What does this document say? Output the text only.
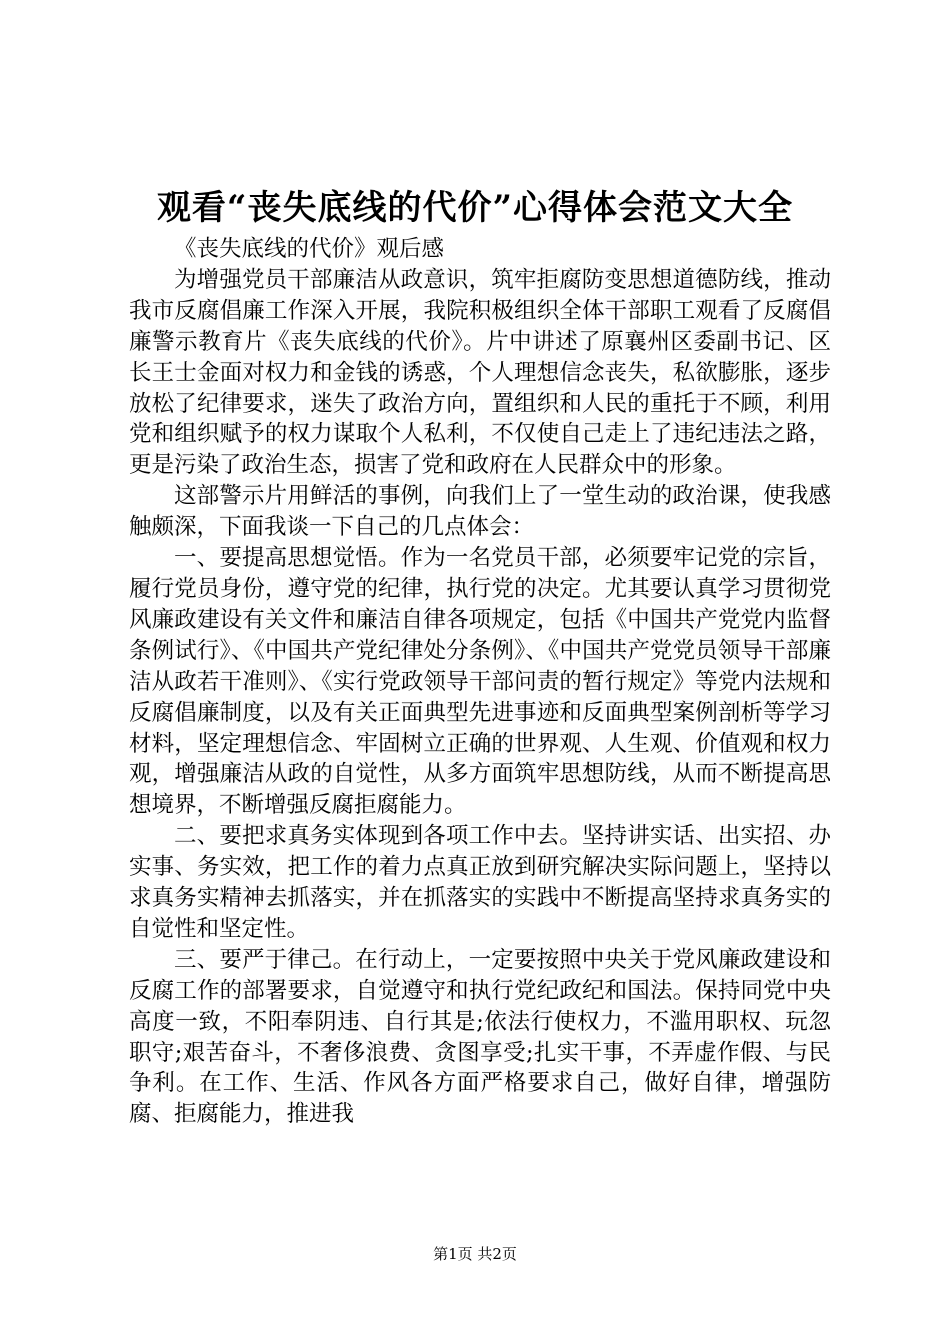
观看“丧失底线的代价”心得体会范文大全

《丧失底线的代价》观后感

为增强党员干部廉洁从政意识，筑牢拒腐防变思想道德防线，推动我市反腐倡廉工作深入开展，我院积极组织全体干部职工观看了反腐倡廉警示教育片《丧失底线的代价》。片中讲述了原襄州区委副书记、区长王士金面对权力和金钱的诱惑，个人理想信念丧失，私欲膨胀，逐步放松了纪律要求，迷失了政治方向，置组织和人民的重托于不顾，利用党和组织赋予的权力谋取个人私利，不仅使自己走上了违纪违法之路，更是污染了政治生态，损害了党和政府在人民群众中的形象。

这部警示片用鲜活的事例，向我们上了一堂生动的政治课，使我感触颇深，下面我谈一下自己的几点体会：

一、要提高思想觉悟。作为一名党员干部，必须要牢记党的宗旨，履行党员身份，遵守党的纪律，执行党的决定。尤其要认真学习贯彻党风廉政建设有关文件和廉洁自律各项规定，包括《中国共产党党内监督条例试行》、《中国共产党纪律处分条例》、《中国共产党党员领导干部廉洁从政若干准则》、《实行党政领导干部问责的暂行规定》等党内法规和反腐倡廉制度，以及有关正面典型先进事迹和反面典型案例剖析等学习材料，坚定理想信念、牢固树立正确的世界观、人生观、价值观和权力观，增强廉洁从政的自觉性，从多方面筑牢思想防线，从而不断提高思想境界，不断增强反腐拒腐能力。

二、要把求真务实体现到各项工作中去。坚持讲实话、出实招、办实事、务实效，把工作的着力点真正放到研究解决实际问题上，坚持以求真务实精神去抓落实，并在抓落实的实践中不断提高坚持求真务实的自觉性和坚定性。

三、要严于律己。在行动上，一定要按照中央关于党风廉政建设和反腐工作的部署要求，自觉遵守和执行党纪政纪和国法。保持同党中央高度一致，不阳奉阴违、自行其是;依法行使权力，不滥用职权、玩忽职守;艰苦奋斗，不奢侈浪费、贪图享受;扎实干事，不弄虚作假、与民争利。在工作、生活、作风各方面严格要求自己，做好自律，增强防腐、拒腐能力，推进我

第1页 共2页
